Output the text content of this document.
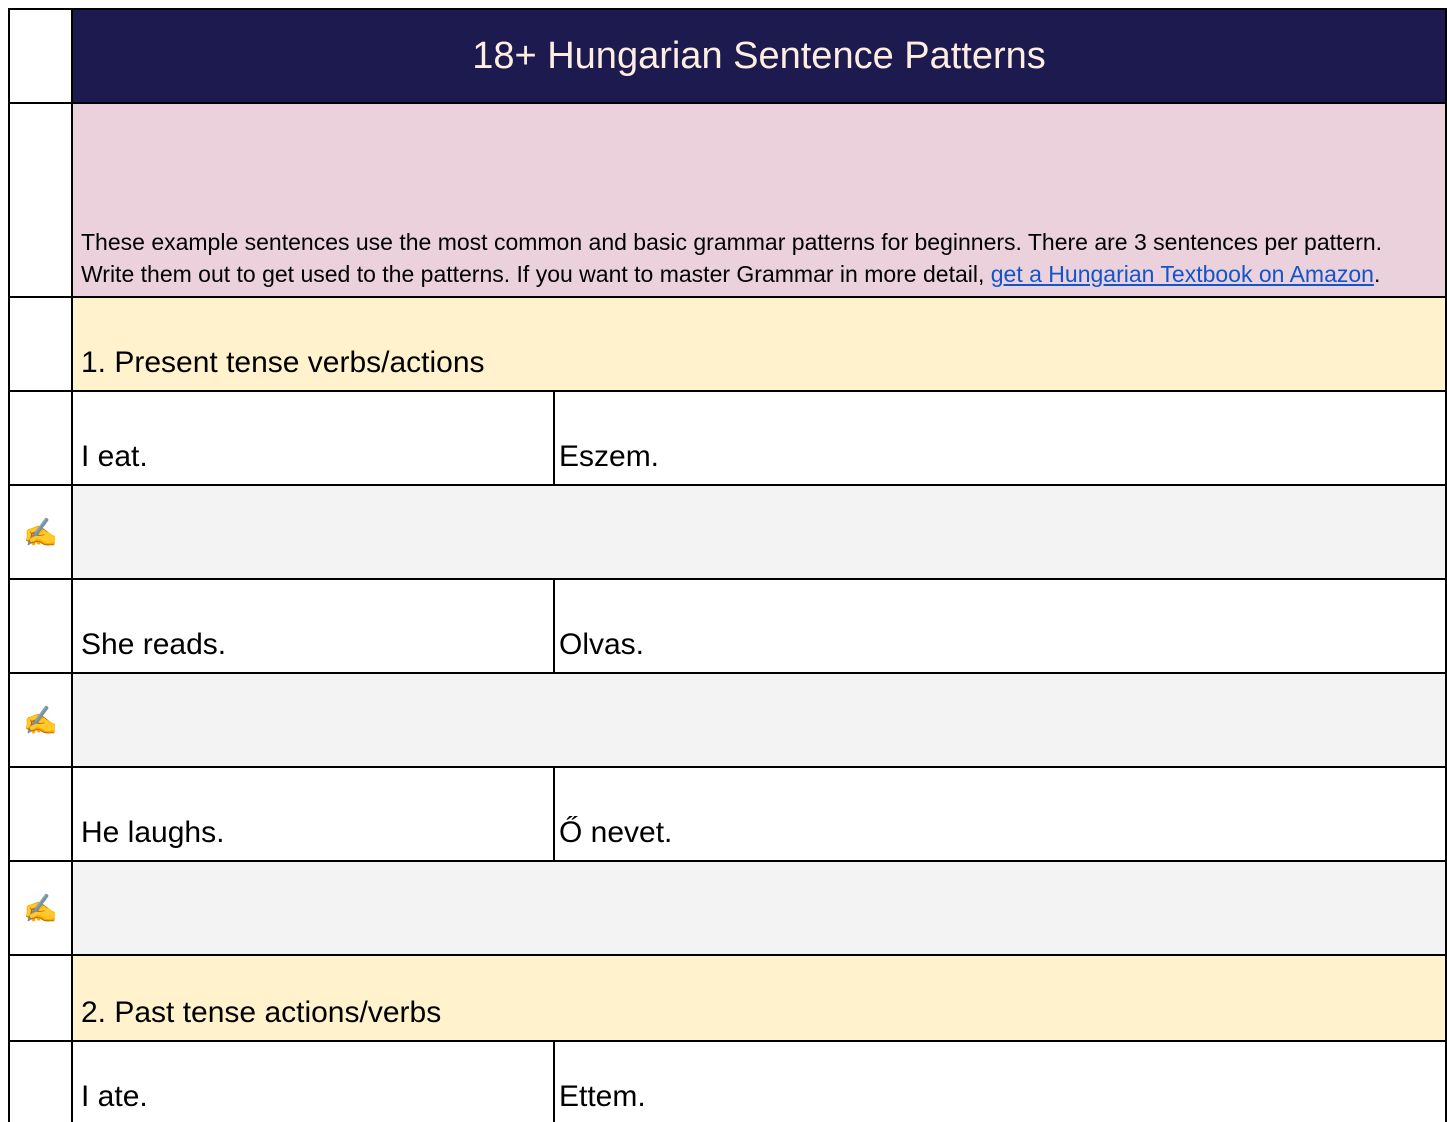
18+ Hungarian Sentence Patterns
These example sentences use the most common and basic grammar patterns for beginners. There are 3 sentences per pattern. Write them out to get used to the patterns. If you want to master Grammar in more detail, get a Hungarian Textbook on Amazon.
1. Present tense verbs/actions
I eat.	Eszem.
✍
She reads.	Olvas.
✍
He laughs.	Ő nevet.
✍
2. Past tense actions/verbs
I ate.	Ettem.
